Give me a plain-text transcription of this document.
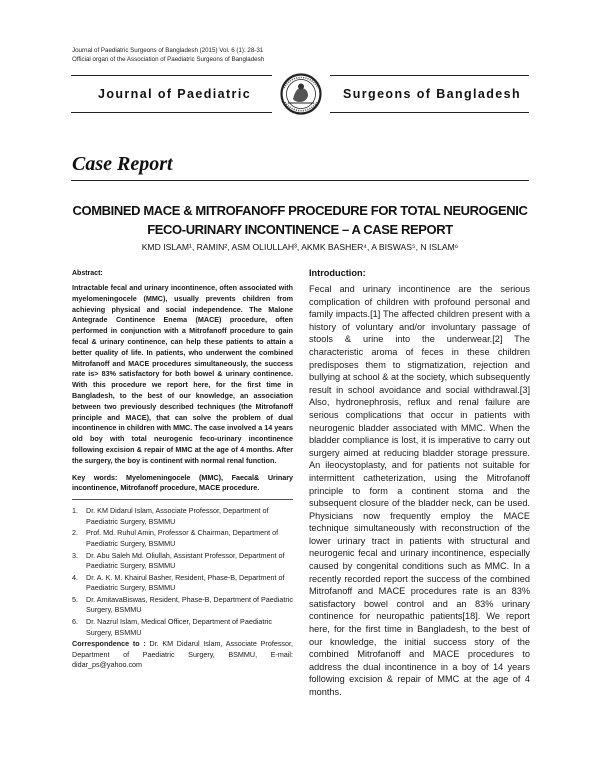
Journal of Paediatric Surgeons of Bangladesh (2015) Vol. 6 (1): 28-31
Official organ of the Association of Paediatric Surgeons of Bangladesh
Journal of Paediatric	Surgeons of Bangladesh
Case Report
COMBINED MACE & MITROFANOFF PROCEDURE FOR TOTAL NEUROGENIC
FECO-URINARY INCONTINENCE – A CASE REPORT
KMD ISLAM¹, RAMIN², ASM OLIULLAH³, AKMK BASHER⁴, A BISWAS⁵, N ISLAM⁶
Abstract:
Intractable fecal and urinary incontinence, often associated with myelomeningocele (MMC), usually prevents children from achieving physical and social independence. The Malone Antegrade Continence Enema (MACE) procedure, often performed in conjunction with a Mitrofanoff procedure to gain fecal & urinary continence, can help these patients to attain a better quality of life. In patients, who underwent the combined Mitrofanoff and MACE procedures simultaneously, the success rate is> 83% satisfactory for both bowel & urinary continence. With this procedure we report here, for the first time in Bangladesh, to the best of our knowledge, an association between two previously described techniques (the Mitrofanoff principle and MACE), that can solve the problem of dual incontinence in children with MMC. The case involved a 14 years old boy with total neurogenic feco-urinary incontinence following excision & repair of MMC at the age of 4 months. After the surgery, the boy is continent with normal renal function.
Key words: Myelomeningocele (MMC), Faecal& Urinary incontinence, Mitrofanoff procedure, MACE procedure.
1. Dr. KM Didarul Islam, Associate Professor, Department of Paediatric Surgery, BSMMU
2. Prof. Md. Ruhul Amin, Professor & Chairman, Department of Paediatric Surgery, BSMMU
3. Dr. Abu Saleh Md. Oliullah, Assistant Professor, Department of Paediatric Surgery, BSMMU
4. Dr. A. K. M. Khairul Basher, Resident, Phase-B, Department of Paediatric Surgery, BSMMU
5. Dr. AmitavaBiswas, Resident, Phase-B, Department of Paediatric Surgery, BSMMU
6. Dr. Nazrul Islam, Medical Officer, Department of Paediatric Surgery, BSMMU
Correspondence to : Dr. KM Didarul Islam, Associate Professor, Department of Paediatric Surgery, BSMMU, E-mail: didar_ps@yahoo.com
Introduction:
Fecal and urinary incontinence are the serious complication of children with profound personal and family impacts.[1] The affected children present with a history of voluntary and/or involuntary passage of stools & urine into the underwear.[2] The characteristic aroma of feces in these children predisposes them to stigmatization, rejection and bullying at school & at the society, which subsequently result in school avoidance and social withdrawal.[3] Also, hydronephrosis, reflux and renal failure are serious complications that occur in patients with neurogenic bladder associated with MMC. When the bladder compliance is lost, it is imperative to carry out surgery aimed at reducing bladder storage pressure. An ileocystoplasty, and for patients not suitable for intermittent catheterization, using the Mitrofanoff principle to form a continent stoma and the subsequent closure of the bladder neck, can be used. Physicians now frequently employ the MACE technique simultaneously with reconstruction of the lower urinary tract in patients with structural and neurogenic fecal and urinary incontinence, especially caused by congenital conditions such as MMC. In a recently recorded report the success of the combined Mitrofanoff and MACE procedures rate is an 83% satisfactory bowel control and an 83% urinary continence for neuropathic patients[18]. We report here, for the first time in Bangladesh, to the best of our knowledge, the initial success story of the combined Mitrofanoff and MACE procedures to address the dual incontinence in a boy of 14 years following excision & repair of MMC at the age of 4 months.
